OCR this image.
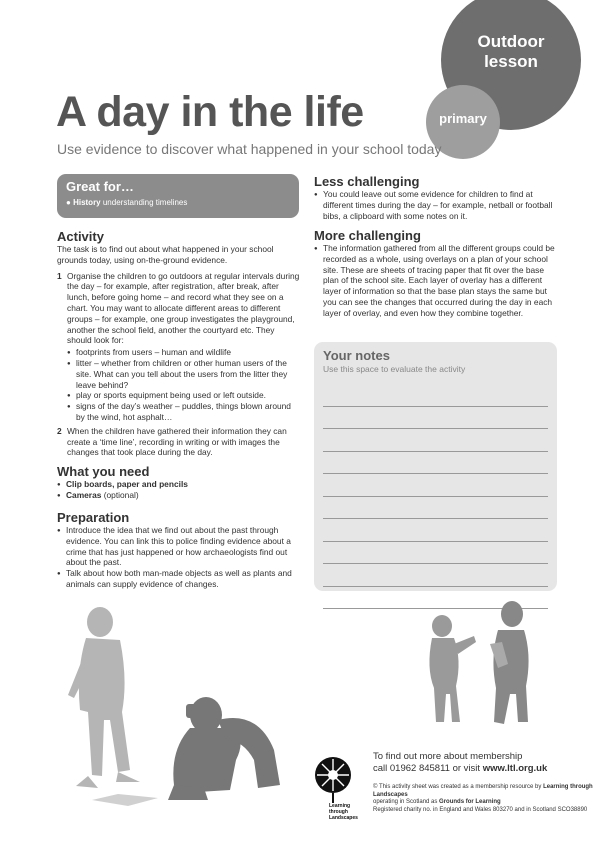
Outdoor lesson
primary
A day in the life
Use evidence to discover what happened in your school today
Great for…
● History understanding timelines
Activity

The task is to find out about what happened in your school grounds today, using on-the-ground evidence.

1 Organise the children to go outdoors at regular intervals during the day – for example, after registration, after break, after lunch, before going home – and record what they see on a chart. You may want to allocate different areas to different groups – for example, one group investigates the playground, another the school field, another the courtyard etc. They should look for:
● footprints from users – human and wildlife
● litter – whether from children or other human users of the site. What can you tell about the users from the litter they leave behind?
● play or sports equipment being used or left outside.
● signs of the day’s weather – puddles, things blown around by the wind, hot asphalt…
2 When the children have gathered their information they can create a ‘time line’, recording in writing or with images the changes that took place during the day.
What you need
● Clip boards, paper and pencils
● Cameras (optional)
Preparation
● Introduce the idea that we find out about the past through evidence. You can link this to police finding evidence about a crime that has just happened or how archaeologists find out about the past.
● Talk about how both man-made objects as well as plants and animals can supply evidence of changes.
Less challenging
● You could leave out some evidence for children to find at different times during the day – for example, netball or football bibs, a clipboard with some notes on it.
More challenging
● The information gathered from all the different groups could be recorded as a whole, using overlays on a plan of your school site. These are sheets of tracing paper that fit over the base plan of the school site. Each layer of overlay has a different layer of information so that the base plan stays the same but you can see the changes that occurred during the day in each layer of overlay, and even how they combine together.
Your notes
Use this space to evaluate the activity
Learning
through
Landscapes
To find out more about membership
call 01962 845811 or visit www.ltl.org.uk
© This activity sheet was created as a membership resource by Learning through Landscapes
operating in Scotland as Grounds for Learning
Registered charity no. in England and Wales 803270 and in Scotland SCO38890
